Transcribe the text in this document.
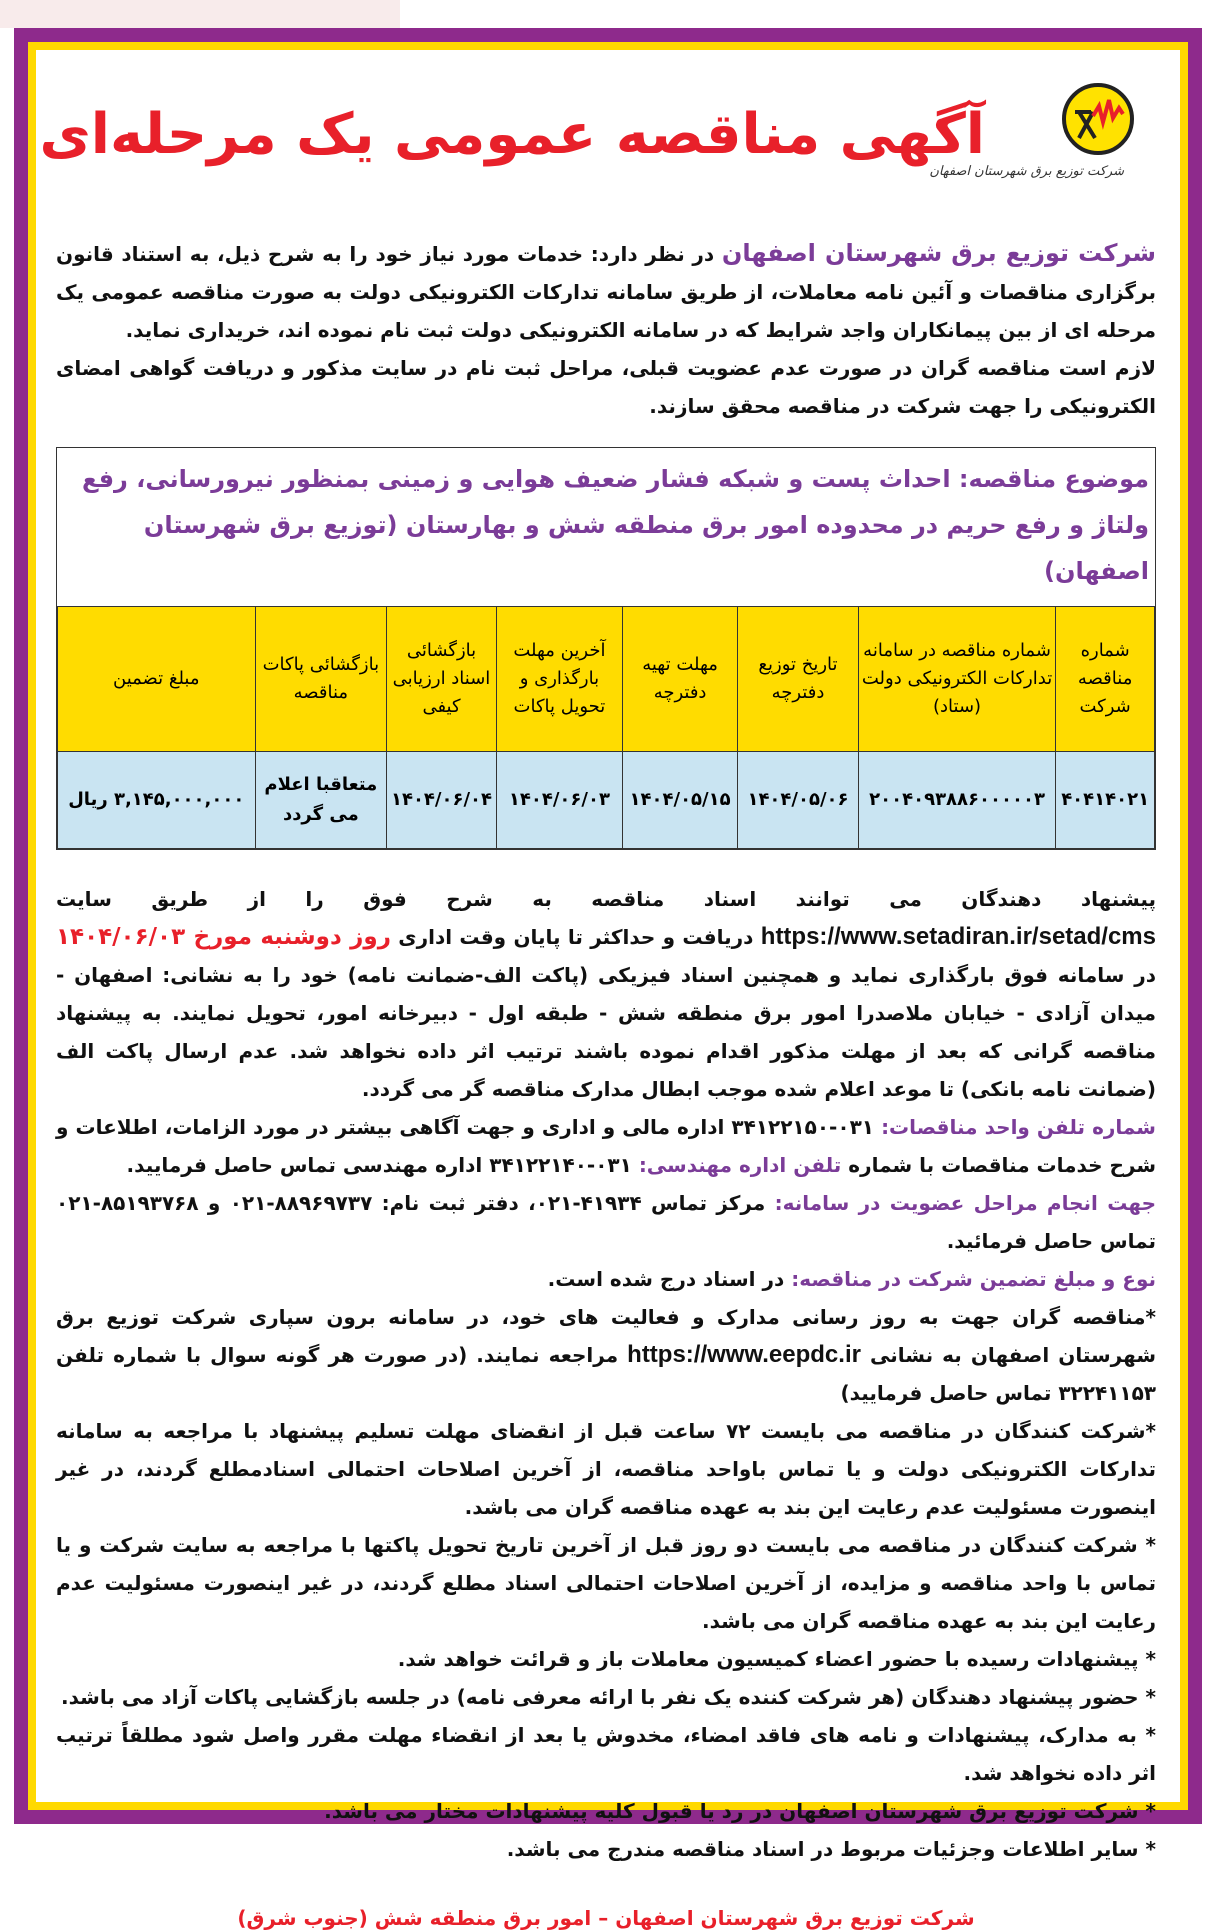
شرکت توزیع برق شهرستان اصفهان
آگهی مناقصه عمومی یک مرحله‌ای

شرکت توزیع برق شهرستان اصفهان در نظر دارد: خدمات مورد نیاز خود را به شرح ذیل، به استناد قانون برگزاری مناقصات و آئین نامه معاملات، از طریق سامانه تدارکات الکترونیکی دولت به صورت مناقصه عمومی یک مرحله ای از بین پیمانکاران واجد شرایط که در سامانه الکترونیکی دولت ثبت نام نموده اند، خریداری نماید.

لازم است مناقصه گران در صورت عدم عضویت قبلی، مراحل ثبت نام در سایت مذکور و دریافت گواهی امضای الکترونیکی را جهت شرکت در مناقصه محقق سازند.

موضوع مناقصه: احداث پست و شبکه فشار ضعیف هوایی و زمینی بمنظور نیرورسانی، رفع ولتاژ و رفع حریم در محدوده امور برق منطقه شش و بهارستان (توزیع برق شهرستان اصفهان)
شماره مناقصه شرکت	شماره مناقصه در سامانه تدارکات الکترونیکی دولت (ستاد)	تاریخ توزیع دفترچه	مهلت تهیه دفترچه	آخرین مهلت بارگذاری و تحویل پاکات	بازگشائی اسناد ارزیابی کیفی	بازگشائی پاکات مناقصه	مبلغ تضمین
۴۰۴۱۴۰۲۱	۲۰۰۴۰۹۳۸۸۶۰۰۰۰۰۳	۱۴۰۴/۰۵/۰۶	۱۴۰۴/۰۵/۱۵	۱۴۰۴/۰۶/۰۳	۱۴۰۴/۰۶/۰۴	متعاقبا اعلام می گردد	۳,۱۴۵,۰۰۰,۰۰۰ ریال

پیشنهاد دهندگان می توانند اسناد مناقصه به شرح فوق را از طریق سایت https://www.setadiran.ir/setad/cms دریافت و حداکثر تا پایان وقت اداری روز دوشنبه مورخ ۱۴۰۴/۰۶/۰۳ در سامانه فوق بارگذاری نماید و همچنین اسناد فیزیکی (پاکت الف-ضمانت نامه) خود را به نشانی: اصفهان - میدان آزادی - خیابان ملاصدرا امور برق منطقه شش - طبقه اول - دبیرخانه امور، تحویل نمایند. به پیشنهاد مناقصه گرانی که بعد از مهلت مذکور اقدام نموده باشند ترتیب اثر داده نخواهد شد. عدم ارسال پاکت الف (ضمانت نامه بانکی) تا موعد اعلام شده موجب ابطال مدارک مناقصه گر می گردد.

شماره تلفن واحد مناقصات: ۰۳۱-۳۴۱۲۲۱۵۰ اداره مالی و اداری و جهت آگاهی بیشتر در مورد الزامات، اطلاعات و شرح خدمات مناقصات با شماره تلفن اداره مهندسی: ۰۳۱-۳۴۱۲۲۱۴۰ اداره مهندسی تماس حاصل فرمایید.

جهت انجام مراحل عضویت در سامانه: مرکز تماس ۴۱۹۳۴-۰۲۱، دفتر ثبت نام: ۸۸۹۶۹۷۳۷-۰۲۱ و ۸۵۱۹۳۷۶۸-۰۲۱ تماس حاصل فرمائید.

نوع و مبلغ تضمین شرکت در مناقصه: در اسناد درج شده است.

*مناقصه گران جهت به روز رسانی مدارک و فعالیت های خود، در سامانه برون سپاری شرکت توزیع برق شهرستان اصفهان به نشانی https://www.eepdc.ir مراجعه نمایند. (در صورت هر گونه سوال با شماره تلفن ۳۲۲۴۱۱۵۳ تماس حاصل فرمایید)

*شرکت کنندگان در مناقصه می بایست ۷۲ ساعت قبل از انقضای مهلت تسلیم پیشنهاد با مراجعه به سامانه تدارکات الکترونیکی دولت و یا تماس باواحد مناقصه، از آخرین اصلاحات احتمالی اسنادمطلع گردند، در غیر اینصورت مسئولیت عدم رعایت این بند به عهده مناقصه گران می باشد.

* شرکت کنندگان در مناقصه می بایست دو روز قبل از آخرین تاریخ تحویل پاکتها با مراجعه به سایت شرکت و یا تماس با واحد مناقصه و مزایده، از آخرین اصلاحات احتمالی اسناد مطلع گردند، در غیر اینصورت مسئولیت عدم رعایت این بند به عهده مناقصه گران می باشد.

* پیشنهادات رسیده با حضور اعضاء کمیسیون معاملات باز و قرائت خواهد شد.

* حضور پیشنهاد دهندگان (هر شرکت کننده یک نفر با ارائه معرفی نامه) در جلسه بازگشایی پاکات آزاد می باشد.

* به مدارک، پیشنهادات و نامه های فاقد امضاء، مخدوش یا بعد از انقضاء مهلت مقرر واصل شود مطلقاً ترتیب اثر داده نخواهد شد.

* شرکت توزیع برق شهرستان اصفهان در رد یا قبول کلیه پیشنهادات مختار می باشد.

* سایر اطلاعات وجزئیات مربوط در اسناد مناقصه مندرج می باشد.

شرکت توزیع برق شهرستان اصفهان – امور برق منطقه شش (جنوب شرق)
